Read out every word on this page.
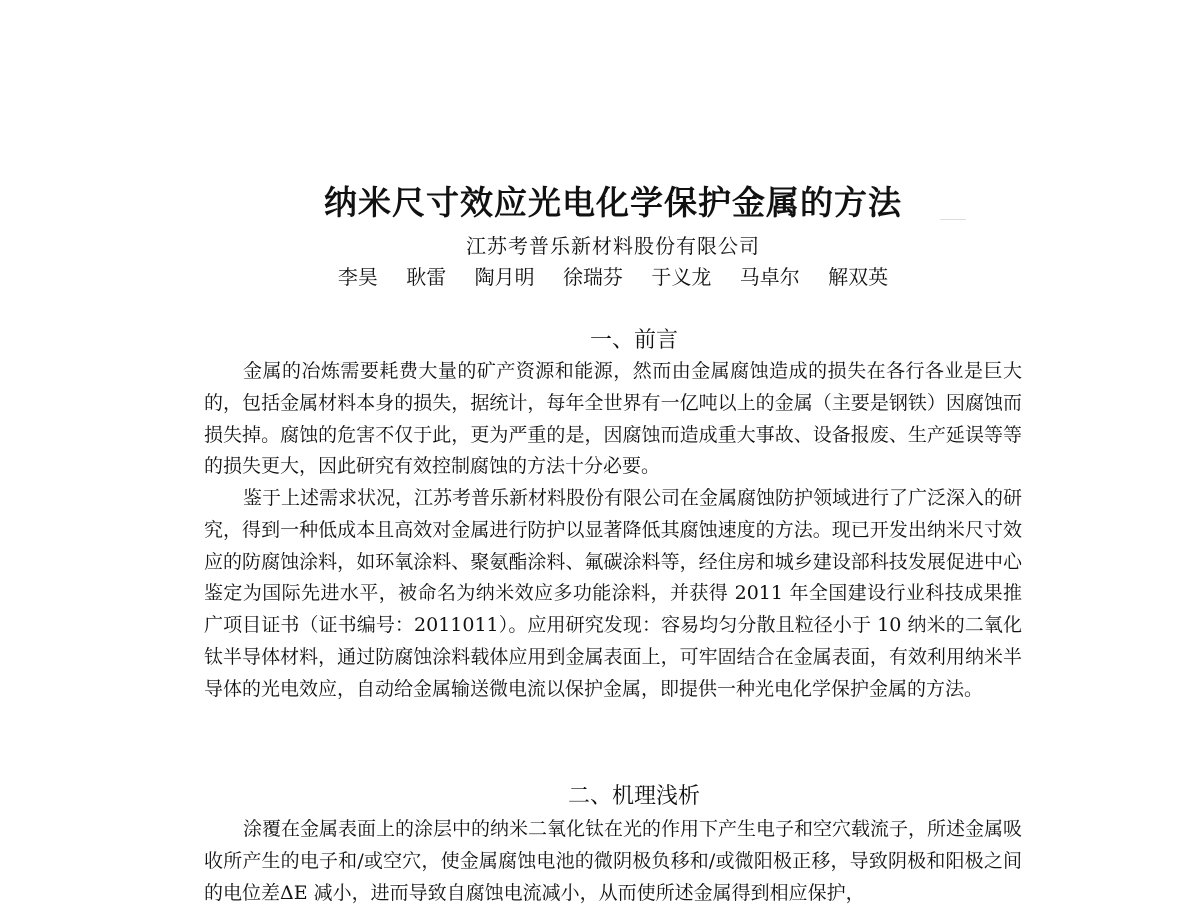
纳米尺寸效应光电化学保护金属的方法
江苏考普乐新材料股份有限公司
李昊 耿雷 陶月明 徐瑞芬 于义龙 马卓尔 解双英
一、前言

金属的冶炼需要耗费大量的矿产资源和能源，然而由金属腐蚀造成的损失在各行各业是巨大的，包括金属材料本身的损失，据统计，每年全世界有一亿吨以上的金属（主要是钢铁）因腐蚀而损失掉。腐蚀的危害不仅于此，更为严重的是，因腐蚀而造成重大事故、设备报废、生产延误等等的损失更大，因此研究有效控制腐蚀的方法十分必要。

鉴于上述需求状况，江苏考普乐新材料股份有限公司在金属腐蚀防护领域进行了广泛深入的研究，得到一种低成本且高效对金属进行防护以显著降低其腐蚀速度的方法。现已开发出纳米尺寸效应的防腐蚀涂料，如环氧涂料、聚氨酯涂料、氟碳涂料等，经住房和城乡建设部科技发展促进中心鉴定为国际先进水平，被命名为纳米效应多功能涂料，并获得 2011 年全国建设行业科技成果推广项目证书（证书编号：2011011）。应用研究发现：容易均匀分散且粒径小于 10 纳米的二氧化钛半导体材料，通过防腐蚀涂料载体应用到金属表面上，可牢固结合在金属表面，有效利用纳米半导体的光电效应，自动给金属输送微电流以保护金属，即提供一种光电化学保护金属的方法。

二、机理浅析

涂覆在金属表面上的涂层中的纳米二氧化钛在光的作用下产生电子和空穴载流子，所述金属吸收所产生的电子和/或空穴，使金属腐蚀电池的微阴极负移和/或微阳极正移，导致阴极和阳极之间的电位差ΔE 减小，进而导致自腐蚀电流减小，从而使所述金属得到相应保护，
